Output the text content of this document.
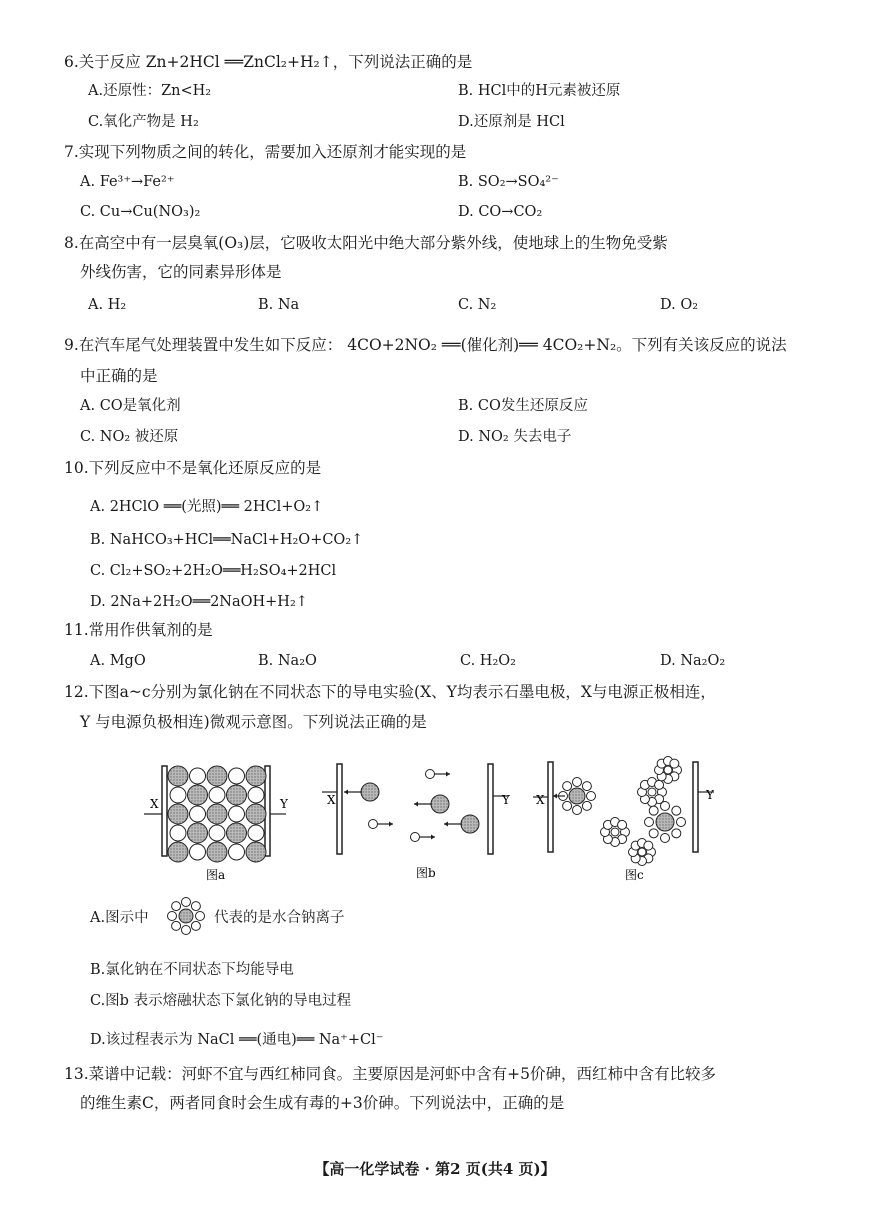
6.关于反应 Zn+2HCl ══ZnCl₂+H₂↑，下列说法正确的是
A.还原性：Zn<H₂	B. HCl中的H元素被还原
C.氧化产物是 H₂	D.还原剂是 HCl
7.实现下列物质之间的转化，需要加入还原剂才能实现的是
A. Fe³⁺→Fe²⁺	B. SO₂→SO₄²⁻
C. Cu→Cu(NO₃)₂	D. CO→CO₂
8.在高空中有一层臭氧(O₃)层，它吸收太阳光中绝大部分紫外线，使地球上的生物免受紫
外线伤害，它的同素异形体是
A. H₂	B. Na	C. N₂	D. O₂
9.在汽车尾气处理装置中发生如下反应： 4CO+2NO₂ ══(催化剂)══ 4CO₂+N₂。下列有关该反应的说法
中正确的是
A. CO是氧化剂	B. CO发生还原反应
C. NO₂ 被还原	D. NO₂ 失去电子
10.下列反应中不是氧化还原反应的是
A. 2HClO ══(光照)══ 2HCl+O₂↑
B. NaHCO₃+HCl══NaCl+H₂O+CO₂↑
C. Cl₂+SO₂+2H₂O══H₂SO₄+2HCl
D. 2Na+2H₂O══2NaOH+H₂↑
11.常用作供氧剂的是
A. MgO	B. Na₂O	C. H₂O₂	D. Na₂O₂
12.下图a~c分别为氯化钠在不同状态下的导电实验(X、Y均表示石墨电极，X与电源正极相连，
Y 与电源负极相连)微观示意图。下列说法正确的是
X	Y
图a
X	Y
图b
X	Y
图c
A.图示中	代表的是水合钠离子
B.氯化钠在不同状态下均能导电
C.图b 表示熔融状态下氯化钠的导电过程
D.该过程表示为 NaCl ══(通电)══ Na⁺+Cl⁻
13.菜谱中记载：河虾不宜与西红柿同食。主要原因是河虾中含有+5价砷，西红柿中含有比较多
的维生素C，两者同食时会生成有毒的+3价砷。下列说法中，正确的是
【高一化学试卷 · 第2 页(共4 页)】
